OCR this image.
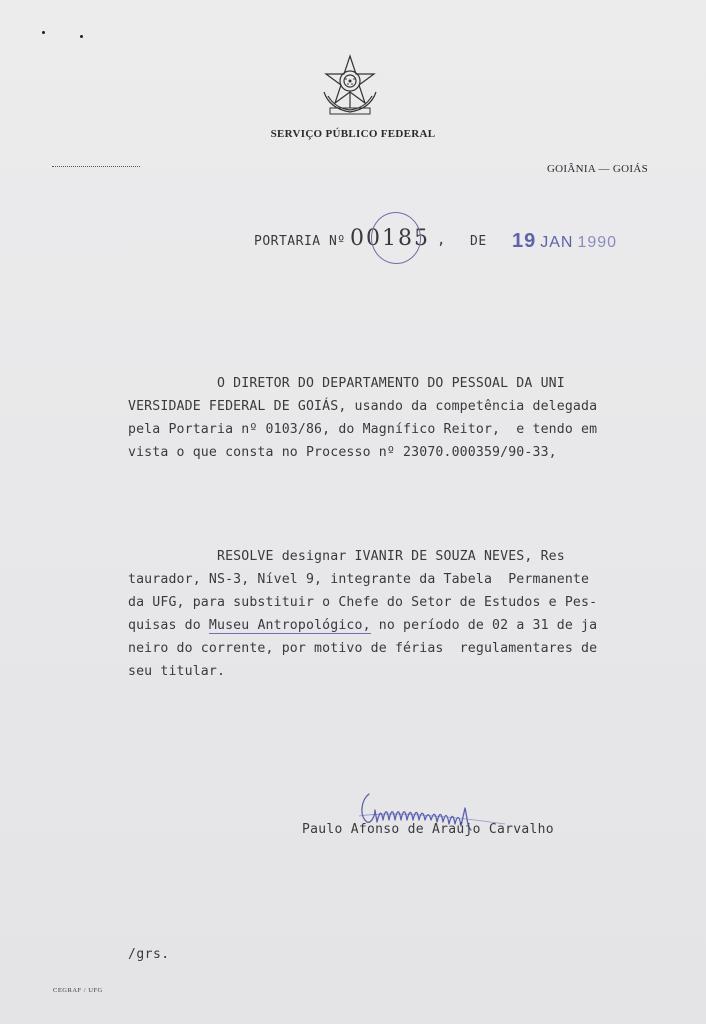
SERVIÇO PÚBLICO FEDERAL
GOIÂNIA — GOIÁS
PORTARIA Nº 00185 , DE 19 JAN 1990
O DIRETOR DO DEPARTAMENTO DO PESSOAL DA UNI
VERSIDADE FEDERAL DE GOIÁS, usando da competência delegada
pela Portaria nº 0103/86, do Magnífico Reitor,  e tendo em
vista o que consta no Processo nº 23070.000359/90-33,
RESOLVE designar IVANIR DE SOUZA NEVES, Res
taurador, NS-3, Nível 9, integrante da Tabela  Permanente
da UFG, para substituir o Chefe do Setor de Estudos e Pes-
quisas do Museu Antropológico, no período de 02 a 31 de ja
neiro do corrente, por motivo de férias  regulamentares de
seu titular.
Paulo Afonso de Araújo Carvalho
/grs.
CEGRAF / UFG
